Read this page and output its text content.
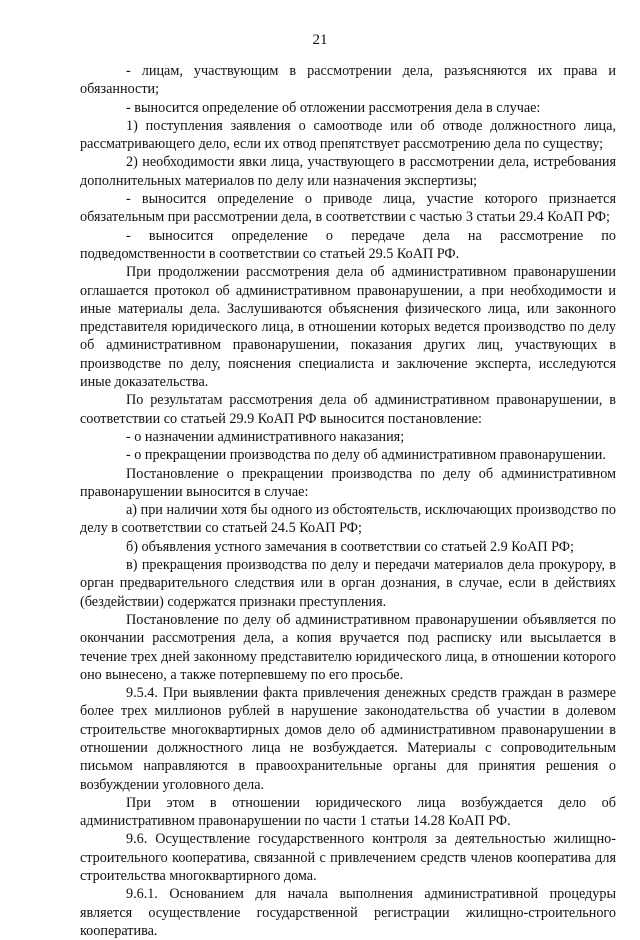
21

- лицам, участвующим в рассмотрении дела, разъясняются их права и обязанности;

- выносится определение об отложении рассмотрения дела в случае:

1) поступления заявления о самоотводе или об отводе должностного лица, рассматривающего дело, если их отвод препятствует рассмотрению дела по существу;

2) необходимости явки лица, участвующего в рассмотрении дела, истребования дополнительных материалов по делу или назначения экспертизы;

- выносится определение о приводе лица, участие которого признается обязательным при рассмотрении дела, в соответствии с частью 3 статьи 29.4 КоАП РФ;

- выносится определение о передаче дела на рассмотрение по подведомственности в соответствии со статьей 29.5 КоАП РФ.

При продолжении рассмотрения дела об административном правонарушении оглашается протокол об административном правонарушении, а при необходимости и иные материалы дела. Заслушиваются объяснения физического лица, или законного представителя юридического лица, в отношении которых ведется производство по делу об административном правонарушении, показания других лиц, участвующих в производстве по делу, пояснения специалиста и заключение эксперта, исследуются иные доказательства.

По результатам рассмотрения дела об административном правонарушении, в соответствии со статьей 29.9 КоАП РФ выносится постановление:

- о назначении административного наказания;

- о прекращении производства по делу об административном правонарушении.

Постановление о прекращении производства по делу об административном правонарушении выносится в случае:

а) при наличии хотя бы одного из обстоятельств, исключающих производство по делу в соответствии со статьей 24.5 КоАП РФ;

б) объявления устного замечания в соответствии со статьей 2.9 КоАП РФ;

в) прекращения производства по делу и передачи материалов дела прокурору, в орган предварительного следствия или в орган дознания, в случае, если в действиях (бездействии) содержатся признаки преступления.

Постановление по делу об административном правонарушении объявляется по окончании рассмотрения дела, а копия вручается под расписку или высылается в течение трех дней законному представителю юридического лица, в отношении которого оно вынесено, а также потерпевшему по его просьбе.

9.5.4. При выявлении факта привлечения денежных средств граждан в размере более трех миллионов рублей в нарушение законодательства об участии в долевом строительстве многоквартирных домов дело об административном правонарушении в отношении должностного лица не возбуждается. Материалы с сопроводительным письмом направляются в правоохранительные органы для принятия решения о возбуждении уголовного дела.

При этом в отношении юридического лица возбуждается дело об административном правонарушении по части 1 статьи 14.28 КоАП РФ.

9.6. Осуществление государственного контроля за деятельностью жилищно-строительного кооператива, связанной с привлечением средств членов кооператива для строительства многоквартирного дома.

9.6.1. Основанием для начала выполнения административной процедуры является осуществление государственной регистрации жилищно-строительного кооператива.
